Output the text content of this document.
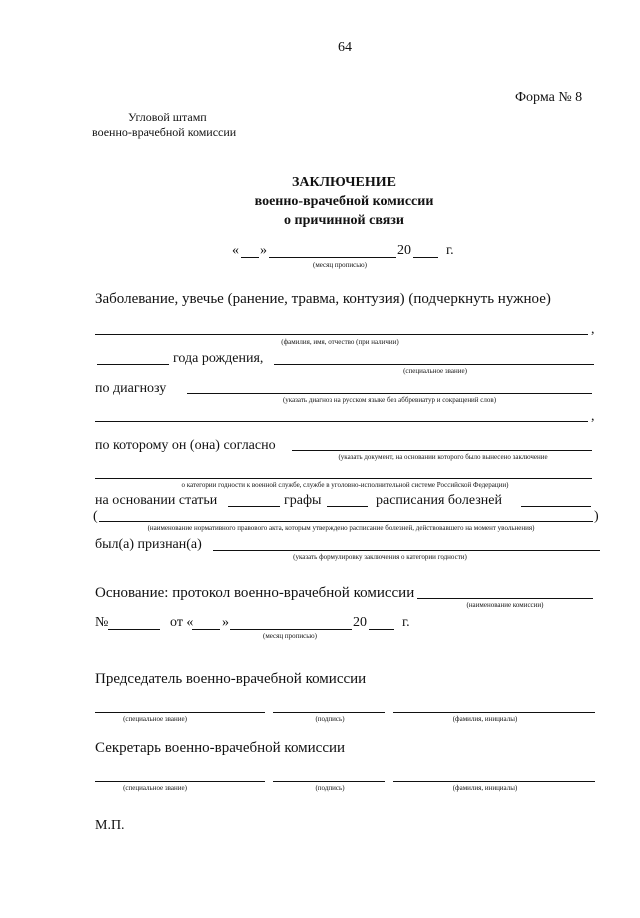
64
Форма № 8
Угловой штамп
военно-врачебной комиссии
ЗАКЛЮЧЕНИЕ
военно-врачебной комиссии
о причинной связи
« »	20	г.
(месяц прописью)
Заболевание, увечье (ранение, травма, контузия) (подчеркнуть нужное)
,
(фамилия, имя, отчество (при наличии)
года рождения,
(специальное звание)
по диагнозу
(указать диагноз на русском языке без аббревиатур и сокращений слов)
,
по которому он (она) согласно
(указать документ, на основании которого было вынесено заключение
о категории годности к военной службе, службе в уголовно-исполнительной системе Российской Федерации)
на основании статьи	графы	расписания болезней
(	)
(наименование нормативного правового акта, которым утверждено расписание болезней, действовавшего на момент увольнения)
был(а) признан(а)
(указать формулировку заключения о категории годности)
Основание: протокол военно-врачебной комиссии
(наименование комиссии)
№	от « »	20	г.
(месяц прописью)
Председатель военно-врачебной комиссии
(специальное звание)	(подпись)	(фамилия, инициалы)
Секретарь военно-врачебной комиссии
(специальное звание)	(подпись)	(фамилия, инициалы)
М.П.
